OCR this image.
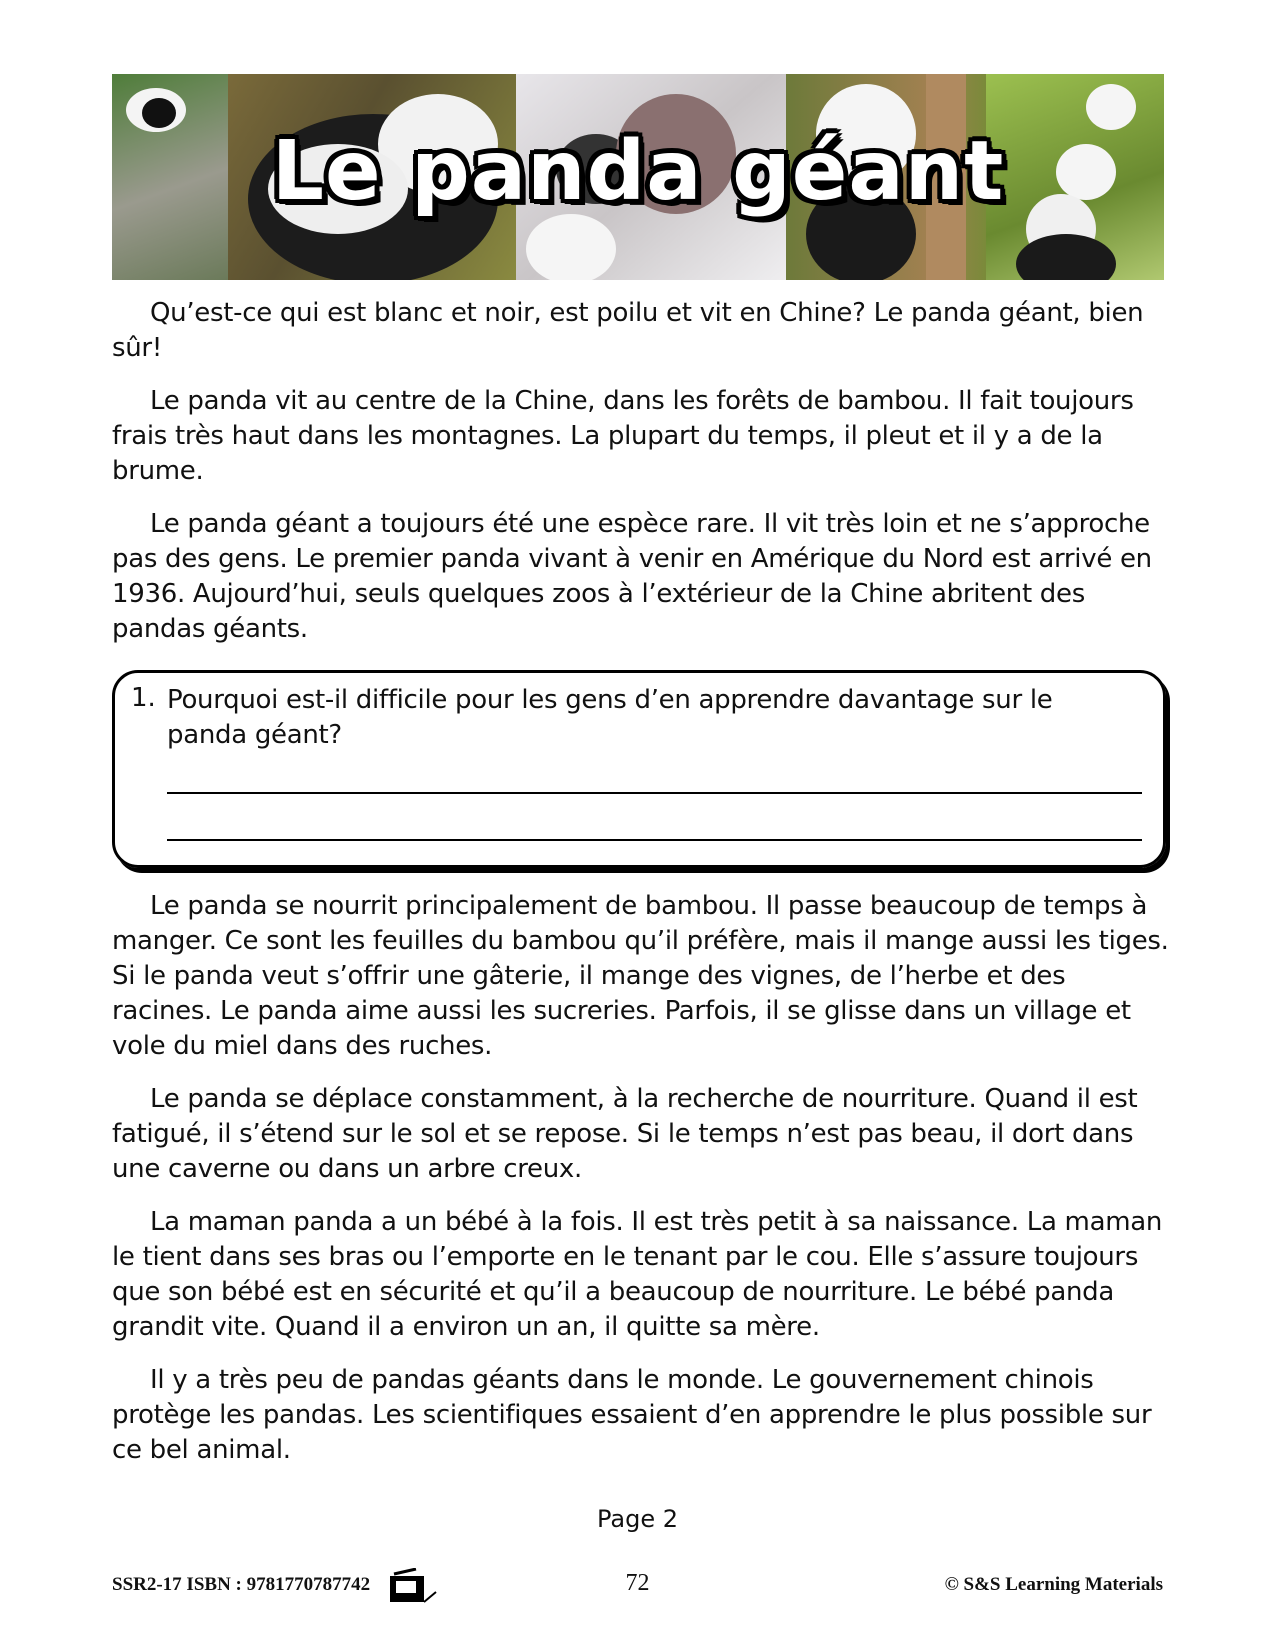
Le panda géant

Qu’est-ce qui est blanc et noir, est poilu et vit en Chine? Le panda géant, bien sûr!

Le panda vit au centre de la Chine, dans les forêts de bambou. Il fait toujours frais très haut dans les montagnes. La plupart du temps, il pleut et il y a de la brume.

Le panda géant a toujours été une espèce rare. Il vit très loin et ne s’approche pas des gens. Le premier panda vivant à venir en Amérique du Nord est arrivé en 1936. Aujourd’hui, seuls quelques zoos à l’extérieur de la Chine abritent des pandas géants.

1. Pourquoi est-il difficile pour les gens d’en apprendre davantage sur le panda géant?

Le panda se nourrit principalement de bambou. Il passe beaucoup de temps à manger. Ce sont les feuilles du bambou qu’il préfère, mais il mange aussi les tiges. Si le panda veut s’offrir une gâterie, il mange des vignes, de l’herbe et des racines. Le panda aime aussi les sucreries. Parfois, il se glisse dans un village et vole du miel dans des ruches.

Le panda se déplace constamment, à la recherche de nourriture. Quand il est fatigué, il s’étend sur le sol et se repose. Si le temps n’est pas beau, il dort dans une caverne ou dans un arbre creux.

La maman panda a un bébé à la fois. Il est très petit à sa naissance. La maman le tient dans ses bras ou l’emporte en le tenant par le cou. Elle s’assure toujours que son bébé est en sécurité et qu’il a beaucoup de nourriture. Le bébé panda grandit vite. Quand il a environ un an, il quitte sa mère.

Il y a très peu de pandas géants dans le monde. Le gouvernement chinois protège les pandas. Les scientifiques essaient d’en apprendre le plus possible sur ce bel animal.

Page 2
SSR2-17 ISBN : 9781770787742	72	© S&S Learning Materials
